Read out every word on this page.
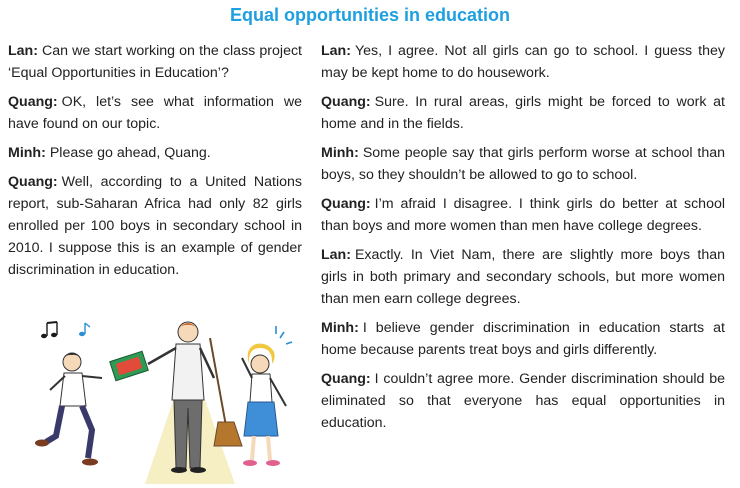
Equal opportunities in education

Lan: Can we start working on the class project ‘Equal Opportunities in Education’?

Quang: OK, let’s see what information we have found on our topic.

Minh: Please go ahead, Quang.

Quang: Well, according to a United Nations report, sub-Saharan Africa had only 82 girls enrolled per 100 boys in secondary school in 2010. I suppose this is an example of gender discrimination in education.

Lan: Yes, I agree. Not all girls can go to school. I guess they may be kept home to do housework.

Quang: Sure. In rural areas, girls might be forced to work at home and in the fields.

Minh: Some people say that girls perform worse at school than boys, so they shouldn’t be allowed to go to school.

Quang: I’m afraid I disagree. I think girls do better at school than boys and more women than men have college degrees.

Lan: Exactly. In Viet Nam, there are slightly more boys than girls in both primary and secondary schools, but more women than men earn college degrees.

Minh: I believe gender discrimination in education starts at home because parents treat boys and girls differently.

Quang: I couldn’t agree more. Gender discrimination should be eliminated so that everyone has equal opportunities in education.
